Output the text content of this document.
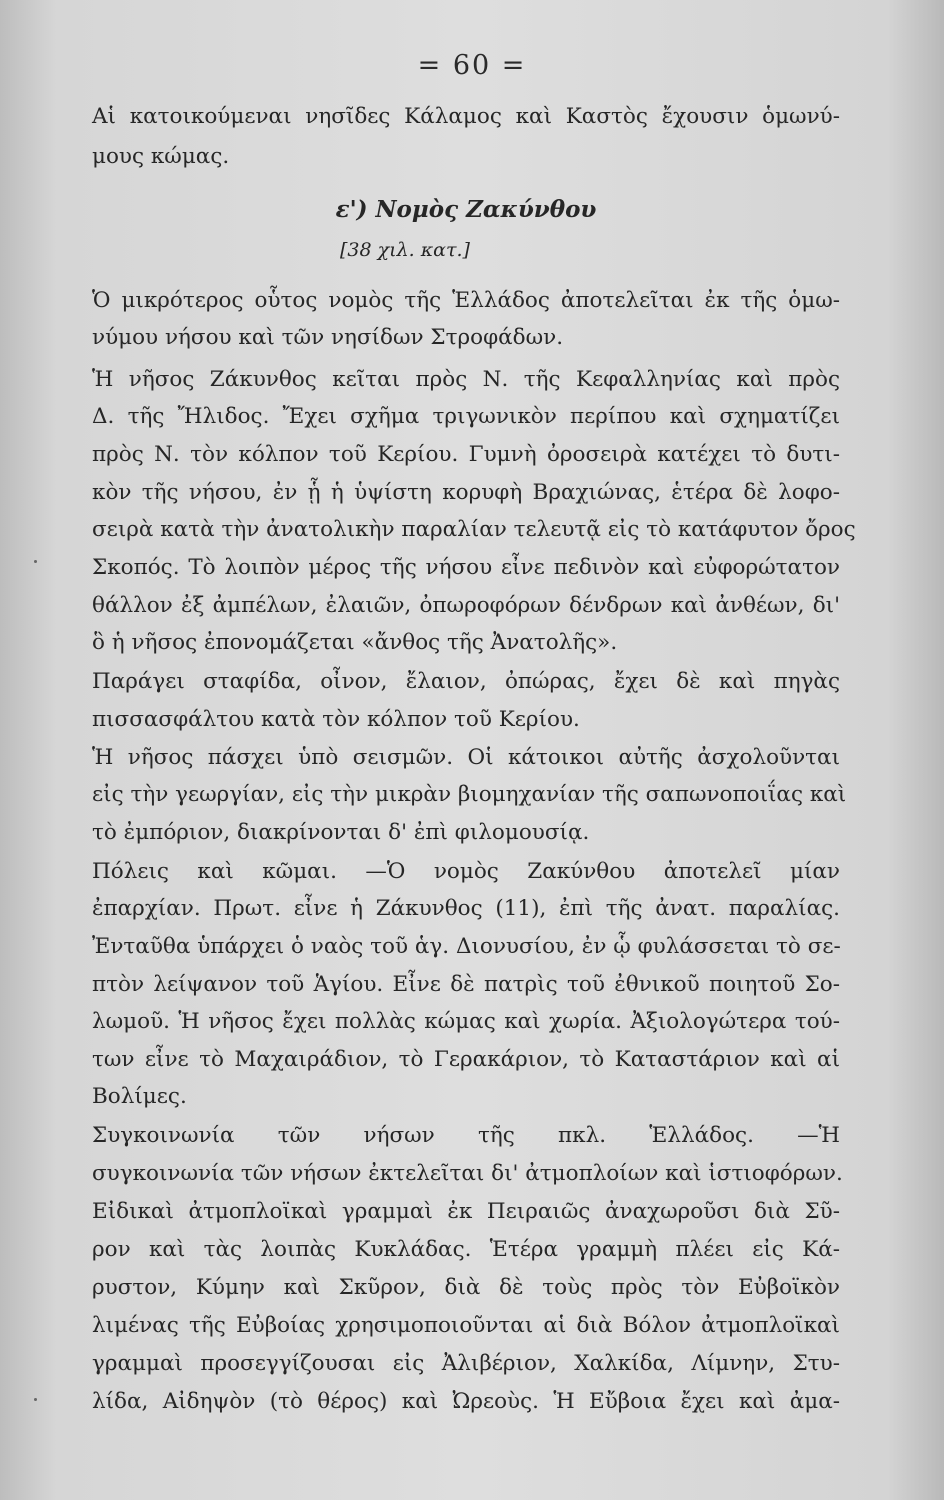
= 60 =
Αἱ κατοικούμεναι νησῖδες Κάλαμος καὶ Καστὸς ἔχουσιν ὁμωνύ-
μους κώμας.
ε') Νομὸς Ζακύνθου
[38 χιλ. κατ.]
Ὁ μικρότερος οὗτος νομὸς τῆς Ἑλλάδος ἀποτελεῖται ἐκ τῆς ὁμω-
νύμου νήσου καὶ τῶν νησίδων Στροφάδων.
Ἡ νῆσος Ζάκυνθος κεῖται πρὸς Ν. τῆς Κεφαλληνίας καὶ πρὸς
Δ. τῆς Ἤλιδος. Ἔχει σχῆμα τριγωνικὸν περίπου καὶ σχηματίζει
πρὸς Ν. τὸν κόλπον τοῦ Κερίου. Γυμνὴ ὀροσειρὰ κατέχει τὸ δυτι-
κὸν τῆς νήσου, ἐν ᾗ ἡ ὑψίστη κορυφὴ Βραχιώνας, ἑτέρα δὲ λοφο-
σειρὰ κατὰ τὴν ἀνατολικὴν παραλίαν τελευτᾷ εἰς τὸ κατάφυτον ὄρος
Σκοπός. Τὸ λοιπὸν μέρος τῆς νήσου εἶνε πεδινὸν καὶ εὐφορώτατον
θάλλον ἐξ ἀμπέλων, ἐλαιῶν, ὀπωροφόρων δένδρων καὶ ἀνθέων, δι'
ὃ ἡ νῆσος ἐπονομάζεται «ἄνθος τῆς Ἀνατολῆς».
Παράγει σταφίδα, οἶνον, ἔλαιον, ὀπώρας, ἔχει δὲ καὶ πηγὰς
πισσασφάλτου κατὰ τὸν κόλπον τοῦ Κερίου.
Ἡ νῆσος πάσχει ὑπὸ σεισμῶν. Οἱ κάτοικοι αὐτῆς ἀσχολοῦνται
εἰς τὴν γεωργίαν, εἰς τὴν μικρὰν βιομηχανίαν τῆς σαπωνοποιΐας καὶ
τὸ ἐμπόριον, διακρίνονται δ' ἐπὶ φιλομουσίᾳ.
Πόλεις καὶ κῶμαι. —Ὁ νομὸς Ζακύνθου ἀποτελεῖ μίαν
ἐπαρχίαν. Πρωτ. εἶνε ἡ Ζάκυνθος (11), ἐπὶ τῆς ἀνατ. παραλίας.
Ἐνταῦθα ὑπάρχει ὁ ναὸς τοῦ ἁγ. Διονυσίου, ἐν ᾧ φυλάσσεται τὸ σε-
πτὸν λείψανον τοῦ Ἁγίου. Εἶνε δὲ πατρὶς τοῦ ἐθνικοῦ ποιητοῦ Σο-
λωμοῦ. Ἡ νῆσος ἔχει πολλὰς κώμας καὶ χωρία. Ἀξιολογώτερα τού-
των εἶνε τὸ Μαχαιράδιον, τὸ Γερακάριον, τὸ Καταστάριον καὶ αἱ
Βολίμες.
Συγκοινωνία τῶν νήσων τῆς πκλ. Ἑλλάδος. —Ἡ
συγκοινωνία τῶν νήσων ἐκτελεῖται δι' ἀτμοπλοίων καὶ ἱστιοφόρων.
Εἰδικαὶ ἀτμοπλοϊκαὶ γραμμαὶ ἐκ Πειραιῶς ἀναχωροῦσι διὰ Σῦ-
ρον καὶ τὰς λοιπὰς Κυκλάδας. Ἑτέρα γραμμὴ πλέει εἰς Κά-
ρυστον, Κύμην καὶ Σκῦρον, διὰ δὲ τοὺς πρὸς τὸν Εὐβοϊκὸν
λιμένας τῆς Εὐβοίας χρησιμοποιοῦνται αἱ διὰ Βόλον ἀτμοπλοϊκαὶ
γραμμαὶ προσεγγίζουσαι εἰς Ἀλιβέριον, Χαλκίδα, Λίμνην, Στυ-
λίδα, Αἰδηψὸν (τὸ θέρος) καὶ Ὠρεοὺς. Ἡ Εὔβοια ἔχει καὶ ἀμα-
